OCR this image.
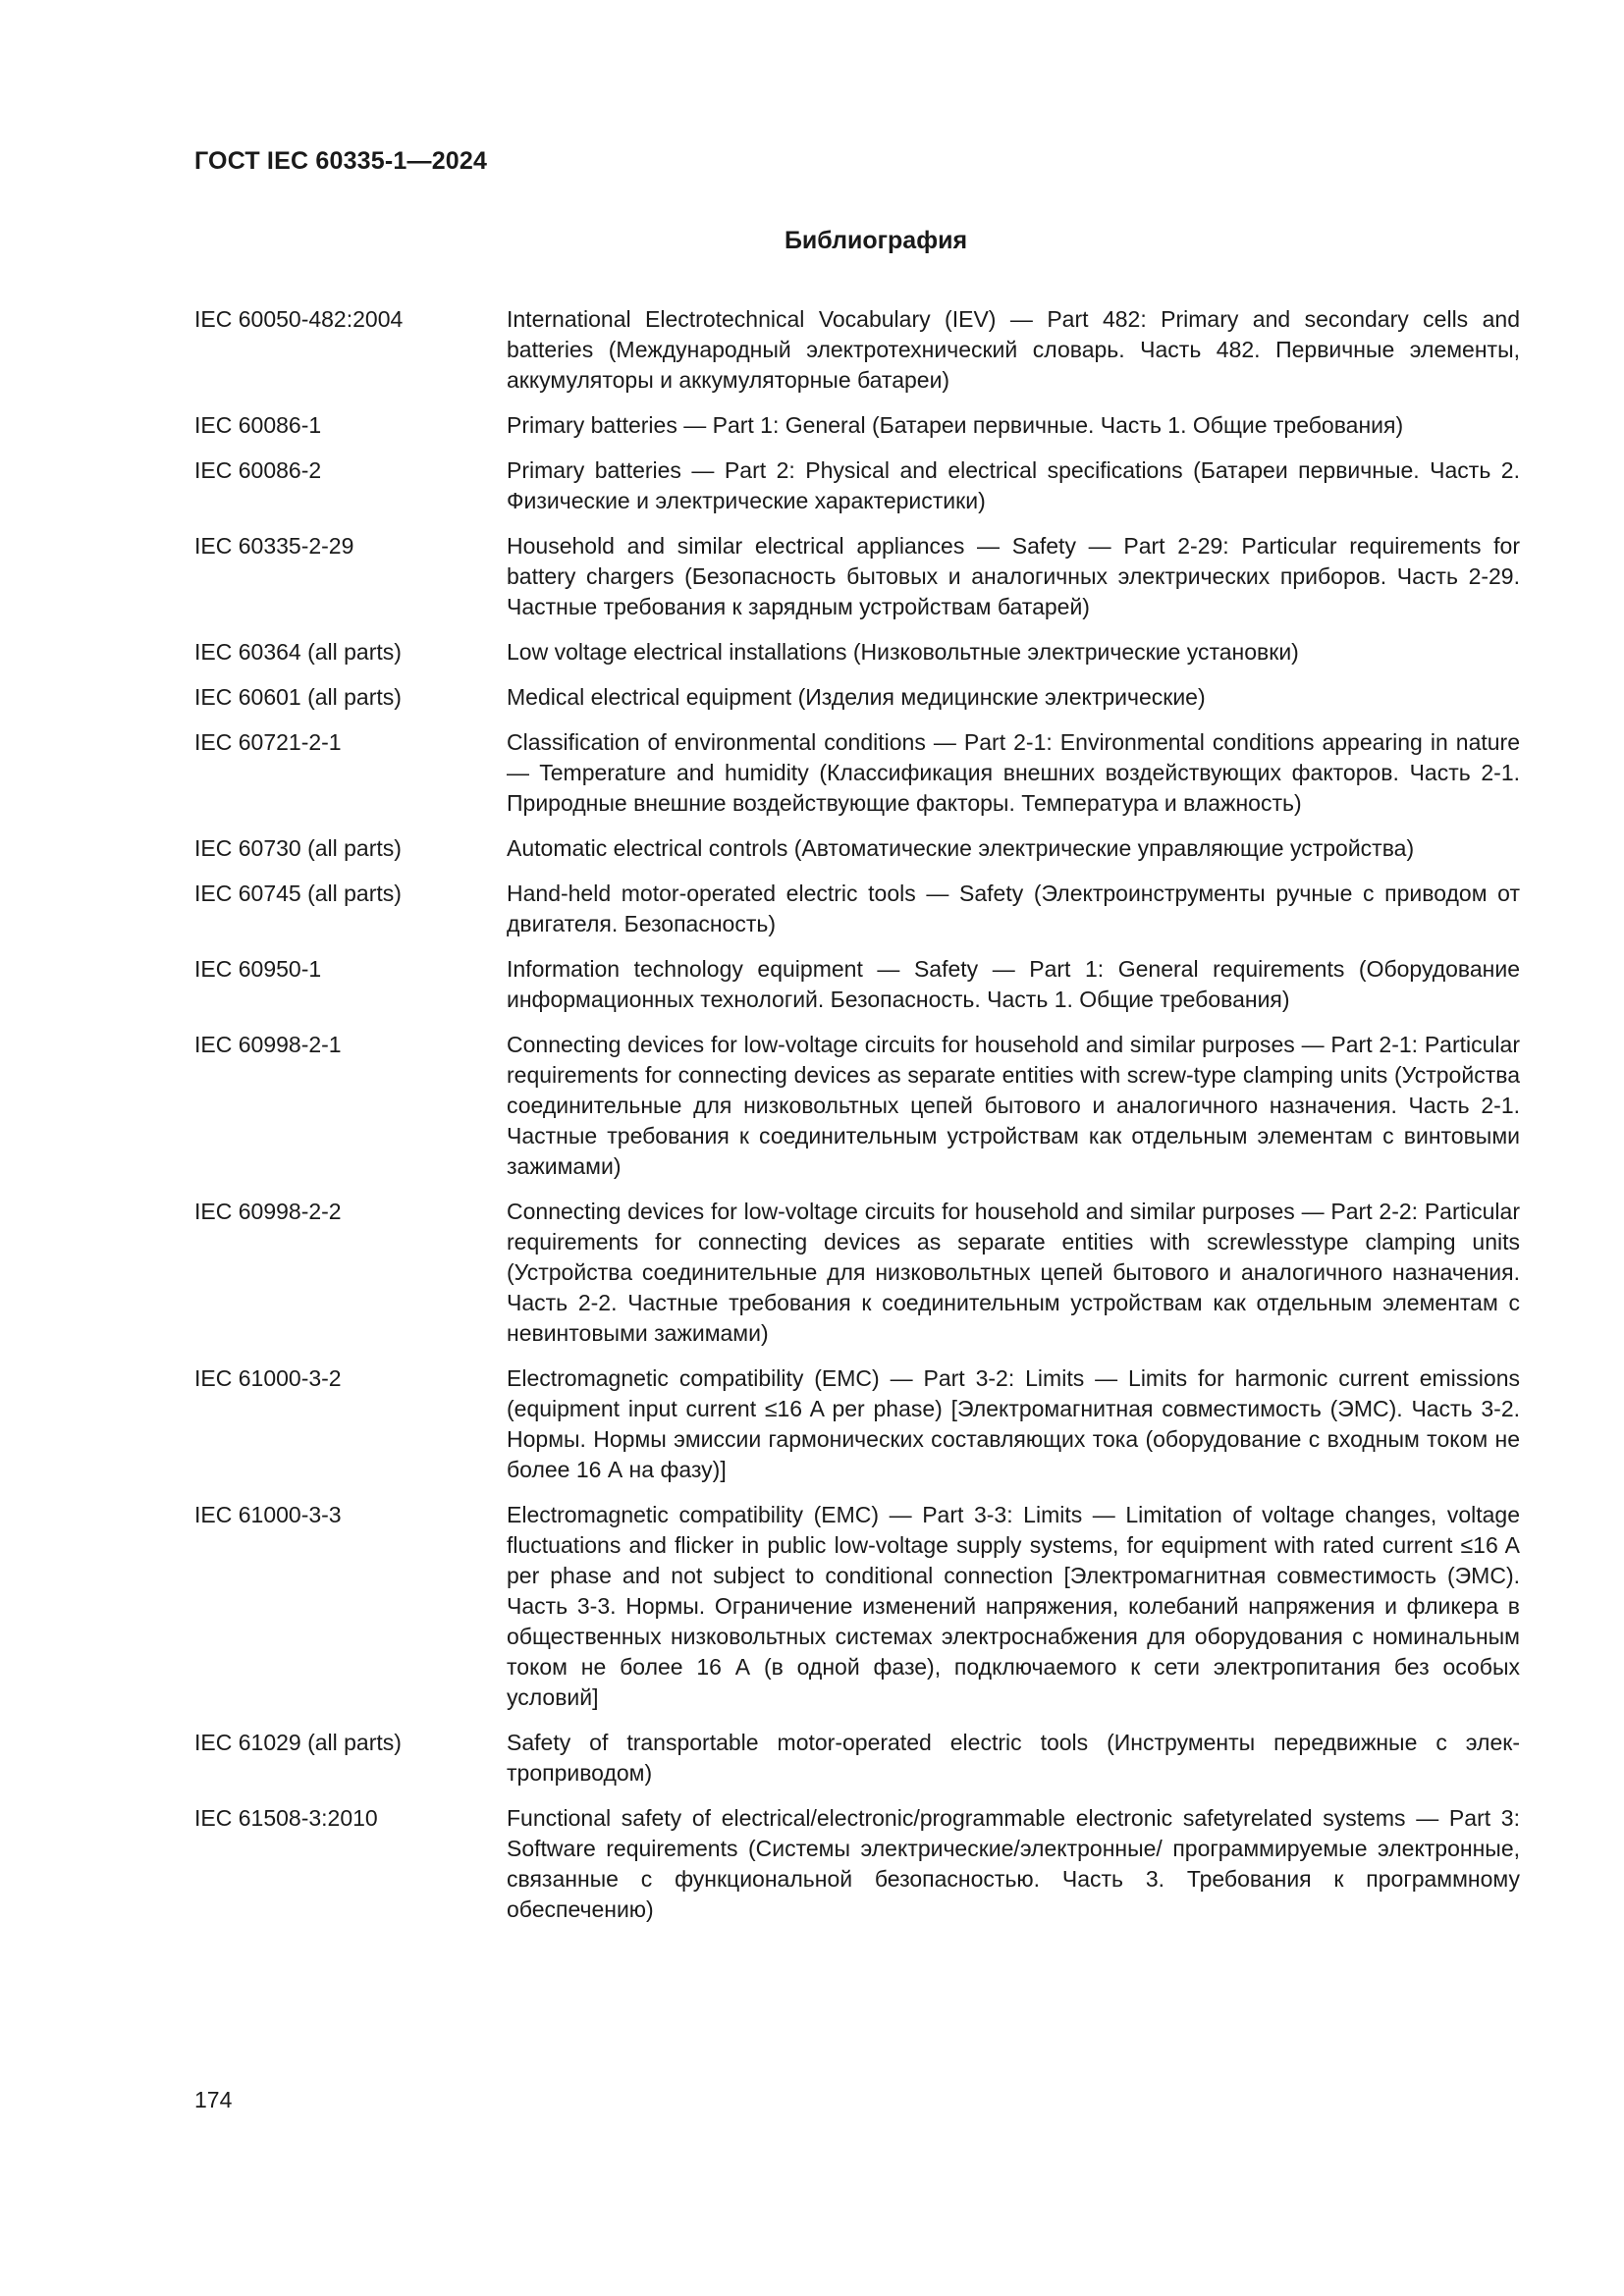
ГОСТ IEC 60335-1—2024
Библиография
IEC 60050-482:2004	International Electrotechnical Vocabulary (IEV) — Part 482: Primary and secondary cells and batteries (Международный электротехнический словарь. Часть 482. Первичные элементы, аккумуляторы и аккумуляторные батареи)
IEC 60086-1	Primary batteries — Part 1: General (Батареи первичные. Часть 1. Общие требования)
IEC 60086-2	Primary batteries — Part 2: Physical and electrical specifications (Батареи первичные. Часть 2. Физические и электрические характеристики)
IEC 60335-2-29	Household and similar electrical appliances — Safety — Part 2-29: Particular requirements for battery chargers (Безопасность бытовых и аналогичных электрических приборов. Часть 2-29. Частные требования к зарядным устройствам батарей)
IEC 60364 (all parts)	Low voltage electrical installations (Низковольтные электрические установки)
IEC 60601 (all parts)	Medical electrical equipment (Изделия медицинские электрические)
IEC 60721-2-1	Classification of environmental conditions — Part 2-1: Environmental conditions appearing in nature — Temperature and humidity (Классификация внешних воздействующих факторов. Часть 2-1. Природные внешние воздействующие факторы. Температура и влажность)
IEC 60730 (all parts)	Automatic electrical controls (Автоматические электрические управляющие устройства)
IEC 60745 (all parts)	Hand-held motor-operated electric tools — Safety (Электроинструменты ручные с приводом от двигателя. Безопасность)
IEC 60950-1	Information technology equipment — Safety — Part 1: General requirements (Оборудование информационных технологий. Безопасность. Часть 1. Общие требования)
IEC 60998-2-1	Connecting devices for low-voltage circuits for household and similar purposes — Part 2-1: Particular requirements for connecting devices as separate entities with screw-type clamping units (Устройства соединительные для низковольтных цепей бытового и аналогичного назначения. Часть 2-1. Частные требования к соединительным устройствам как отдельным элементам с винтовыми зажимами)
IEC 60998-2-2	Connecting devices for low-voltage circuits for household and similar purposes — Part 2-2: Particular requirements for connecting devices as separate entities with screwlesstype clamping units (Устройства соединительные для низковольтных цепей бытового и аналогичного назначения. Часть 2-2. Частные требования к соединительным устройствам как отдельным элементам с невинтовыми зажимами)
IEC 61000-3-2	Electromagnetic compatibility (EMC) — Part 3-2: Limits — Limits for harmonic current emissions (equipment input current ≤16 A per phase) [Электромагнитная совместимость (ЭМС). Часть 3-2. Нормы. Нормы эмиссии гармонических составляющих тока (оборудование с входным током не более 16 А на фазу)]
IEC 61000-3-3	Electromagnetic compatibility (EMC) — Part 3-3: Limits — Limitation of voltage changes, voltage fluctuations and flicker in public low-voltage supply systems, for equipment with rated current ≤16 A per phase and not subject to conditional connection [Электромагнитная совместимость (ЭМС). Часть 3-3. Нормы. Ограничение изменений напряжения, колебаний напряжения и фликера в общественных низковольтных системах электроснабжения для оборудования с номинальным током не более 16 А (в одной фазе), подключаемого к сети электропитания без особых условий]
IEC 61029 (all parts)	Safety of transportable motor-operated electric tools (Инструменты передвижные с электроприводом)
IEC 61508-3:2010	Functional safety of electrical/electronic/programmable electronic safetyrelated systems — Part 3: Software requirements (Системы электрические/электронные/ программируемые электронные, связанные с функциональной безопасностью. Часть 3. Требования к программному обеспечению)
174
